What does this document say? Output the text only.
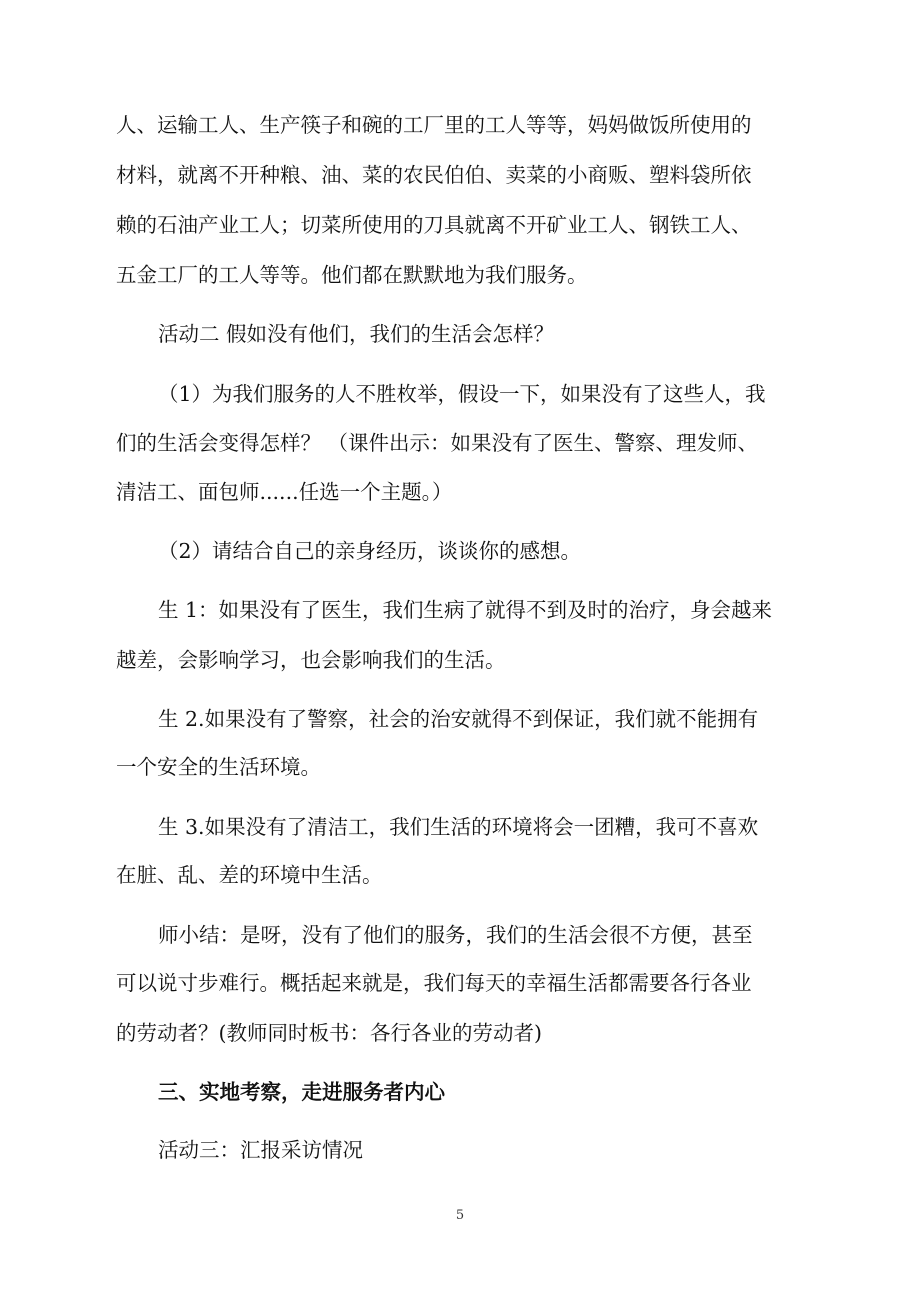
人、运输工人、生产筷子和碗的工厂里的工人等等，妈妈做饭所使用的
材料，就离不开种粮、油、菜的农民伯伯、卖菜的小商贩、塑料袋所依
赖的石油产业工人；切菜所使用的刀具就离不开矿业工人、钢铁工人、
五金工厂的工人等等。他们都在默默地为我们服务。
活动二 假如没有他们，我们的生活会怎样？
（1）为我们服务的人不胜枚举，假设一下，如果没有了这些人，我
们的生活会变得怎样？ （课件出示：如果没有了医生、警察、理发师、
清洁工、面包师......任选一个主题。）
（2）请结合自己的亲身经历，谈谈你的感想。
生 1：如果没有了医生，我们生病了就得不到及时的治疗，身会越来
越差，会影响学习，也会影响我们的生活。
生 2.如果没有了警察，社会的治安就得不到保证，我们就不能拥有
一个安全的生活环境。
生 3.如果没有了清洁工，我们生活的环境将会一团糟，我可不喜欢
在脏、乱、差的环境中生活。
师小结：是呀，没有了他们的服务，我们的生活会很不方便，甚至
可以说寸步难行。概括起来就是，我们每天的幸福生活都需要各行各业
的劳动者？(教师同时板书：各行各业的劳动者)
三、实地考察，走进服务者内心
活动三：汇报采访情况
5
